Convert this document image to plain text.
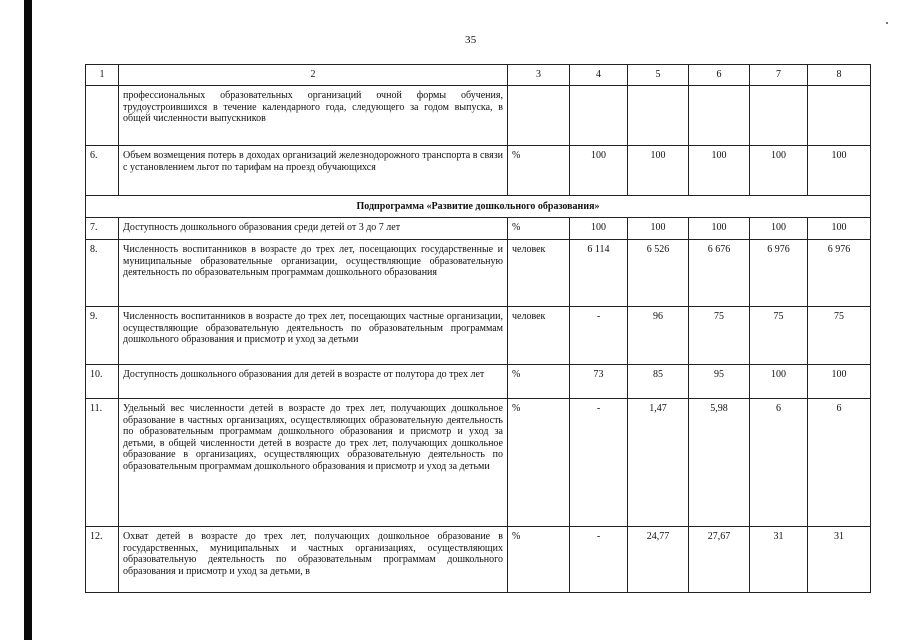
35
1	2	3	4	5	6	7	8
	профессиональных образовательных организаций очной формы обучения, трудоустроившихся в течение календарного года, следующего за годом выпуска, в общей численности выпускников						
6.	Объем возмещения потерь в доходах организаций железнодорожного транспорта в связи с установлением льгот по тарифам на проезд обучающихся	%	100	100	100	100	100
Подпрограмма «Развитие дошкольного образования»							
7.	Доступность дошкольного образования среди детей от 3 до 7 лет	%	100	100	100	100	100
8.	Численность воспитанников в возрасте до трех лет, посещающих государственные и муниципальные образовательные организации, осуществляющие образовательную деятельность по образовательным программам дошкольного образования	человек	6 114	6 526	6 676	6 976	6 976
9.	Численность воспитанников в возрасте до трех лет, посещающих частные организации, осуществляющие образовательную деятельность по образовательным программам дошкольного образования и присмотр и уход за детьми	человек	-	96	75	75	75
10.	Доступность дошкольного образования для детей в возрасте от полутора до трех лет	%	73	85	95	100	100
11.	Удельный вес численности детей в возрасте до трех лет, получающих дошкольное образование в частных организациях, осуществляющих образовательную деятельность по образовательным программам дошкольного образования и присмотр и уход за детьми, в общей численности детей в возрасте до трех лет, получающих дошкольное образование в организациях, осуществляющих образовательную деятельность по образовательным программам дошкольного образования и присмотр и уход за детьми	%	-	1,47	5,98	6	6
12.	Охват детей в возрасте до трех лет, получающих дошкольное образование в государственных, муниципальных и частных организациях, осуществляющих образовательную деятельность по образовательным программам дошкольного образования и присмотр и уход за детьми, в	%	-	24,77	27,67	31	31
